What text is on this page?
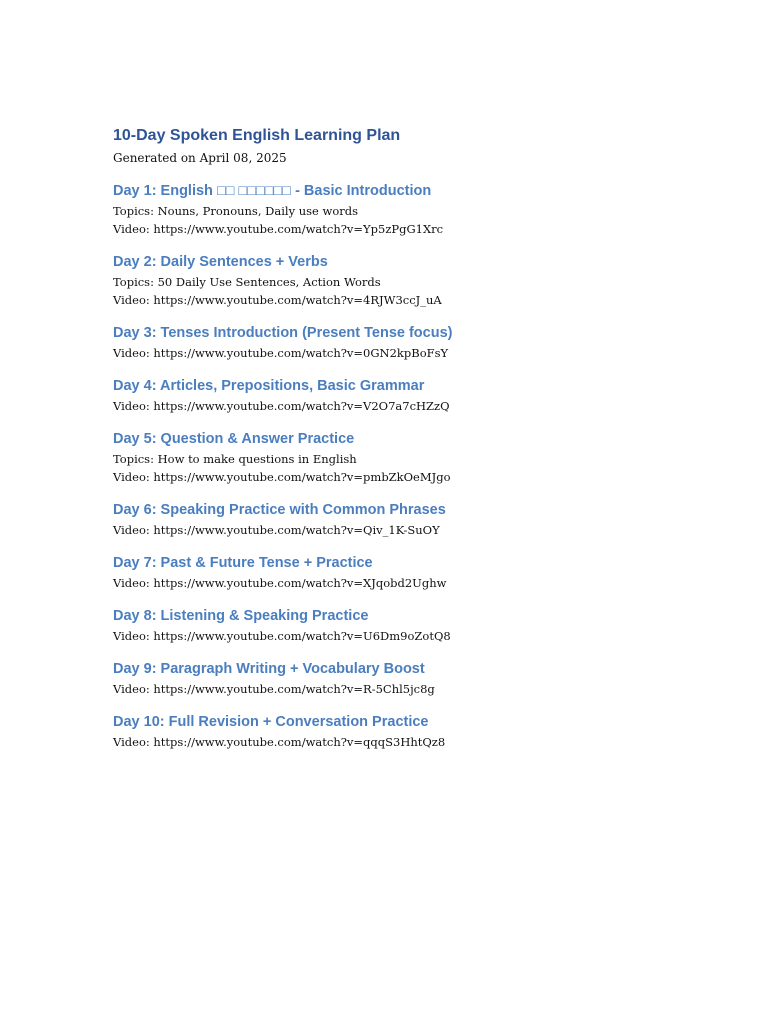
10-Day Spoken English Learning Plan

Generated on April 08, 2025

Day 1: English □□ □□□□□□ - Basic Introduction

Topics: Nouns, Pronouns, Daily use words

Video: https://www.youtube.com/watch?v=Yp5zPgG1Xrc

Day 2: Daily Sentences + Verbs

Topics: 50 Daily Use Sentences, Action Words

Video: https://www.youtube.com/watch?v=4RJW3ccJ_uA

Day 3: Tenses Introduction (Present Tense focus)

Video: https://www.youtube.com/watch?v=0GN2kpBoFsY

Day 4: Articles, Prepositions, Basic Grammar

Video: https://www.youtube.com/watch?v=V2O7a7cHZzQ

Day 5: Question & Answer Practice

Topics: How to make questions in English

Video: https://www.youtube.com/watch?v=pmbZkOeMJgo

Day 6: Speaking Practice with Common Phrases

Video: https://www.youtube.com/watch?v=Qiv_1K-SuOY

Day 7: Past & Future Tense + Practice

Video: https://www.youtube.com/watch?v=XJqobd2Ughw

Day 8: Listening & Speaking Practice

Video: https://www.youtube.com/watch?v=U6Dm9oZotQ8

Day 9: Paragraph Writing + Vocabulary Boost

Video: https://www.youtube.com/watch?v=R-5Chl5jc8g

Day 10: Full Revision + Conversation Practice

Video: https://www.youtube.com/watch?v=qqqS3HhtQz8
